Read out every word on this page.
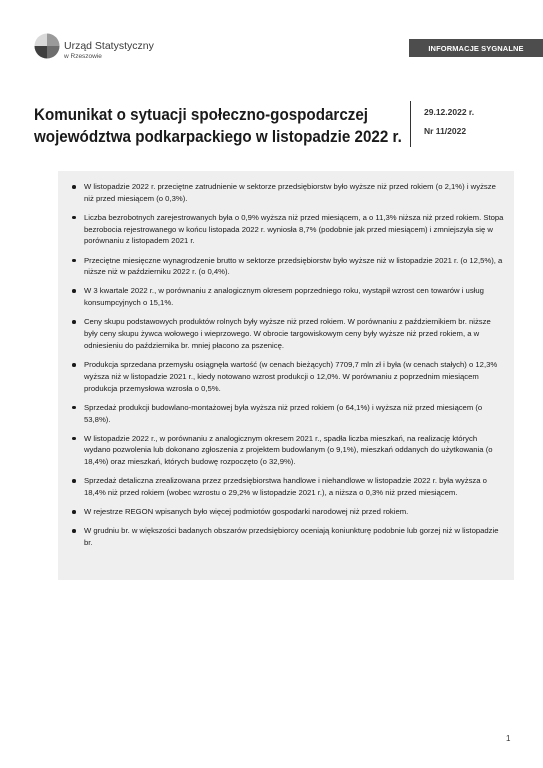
Urząd Statystyczny
w Rzeszowie
INFORMACJE SYGNALNE
Komunikat o sytuacji społeczno-gospodarczej
województwa podkarpackiego w listopadzie 2022 r.
29.12.2022 r.
Nr 11/2022
W listopadzie 2022 r. przeciętne zatrudnienie w sektorze przedsiębiorstw było wyższe niż przed rokiem (o 2,1%) i wyższe niż przed miesiącem (o 0,3%).
Liczba bezrobotnych zarejestrowanych była o 0,9% wyższa niż przed miesiącem, a o 11,3% niższa niż przed rokiem. Stopa bezrobocia rejestrowanego w końcu listopada 2022 r. wyniosła 8,7% (podobnie jak przed miesiącem) i zmniejszyła się w porównaniu z listopadem 2021 r.
Przeciętne miesięczne wynagrodzenie brutto w sektorze przedsiębiorstw było wyższe niż w listopadzie 2021 r. (o 12,5%), a niższe niż w październiku 2022 r. (o 0,4%).
W 3 kwartale 2022 r., w porównaniu z analogicznym okresem poprzedniego roku, wystąpił wzrost cen towarów i usług konsumpcyjnych o 15,1%.
Ceny skupu podstawowych produktów rolnych były wyższe niż przed rokiem. W porównaniu z październikiem br. niższe były ceny skupu żywca wołowego i wieprzowego. W obrocie targowiskowym ceny były wyższe niż przed rokiem, a w odniesieniu do października br. mniej płacono za pszenicę.
Produkcja sprzedana przemysłu osiągnęła wartość (w cenach bieżących) 7709,7 mln zł i była (w cenach stałych) o 12,3% wyższa niż w listopadzie 2021 r., kiedy notowano wzrost produkcji o 12,0%. W porównaniu z poprzednim miesiącem produkcja przemysłowa wzrosła o 0,5%.
Sprzedaż produkcji budowlano-montażowej była wyższa niż przed rokiem (o 64,1%) i wyższa niż przed miesiącem (o 53,8%).
W listopadzie 2022 r., w porównaniu z analogicznym okresem 2021 r., spadła liczba mieszkań, na realizację których wydano pozwolenia lub dokonano zgłoszenia z projektem budowlanym (o 9,1%), mieszkań oddanych do użytkowania (o 18,4%) oraz mieszkań, których budowę rozpoczęto (o 32,9%).
Sprzedaż detaliczna zrealizowana przez przedsiębiorstwa handlowe i niehandlowe w listopadzie 2022 r. była wyższa o 18,4% niż przed rokiem (wobec wzrostu o 29,2% w listopadzie 2021 r.), a niższa o 0,3% niż przed miesiącem.
W rejestrze REGON wpisanych było więcej podmiotów gospodarki narodowej niż przed rokiem.
W grudniu br. w większości badanych obszarów przedsiębiorcy oceniają koniunkturę podobnie lub gorzej niż w listopadzie br.
1
